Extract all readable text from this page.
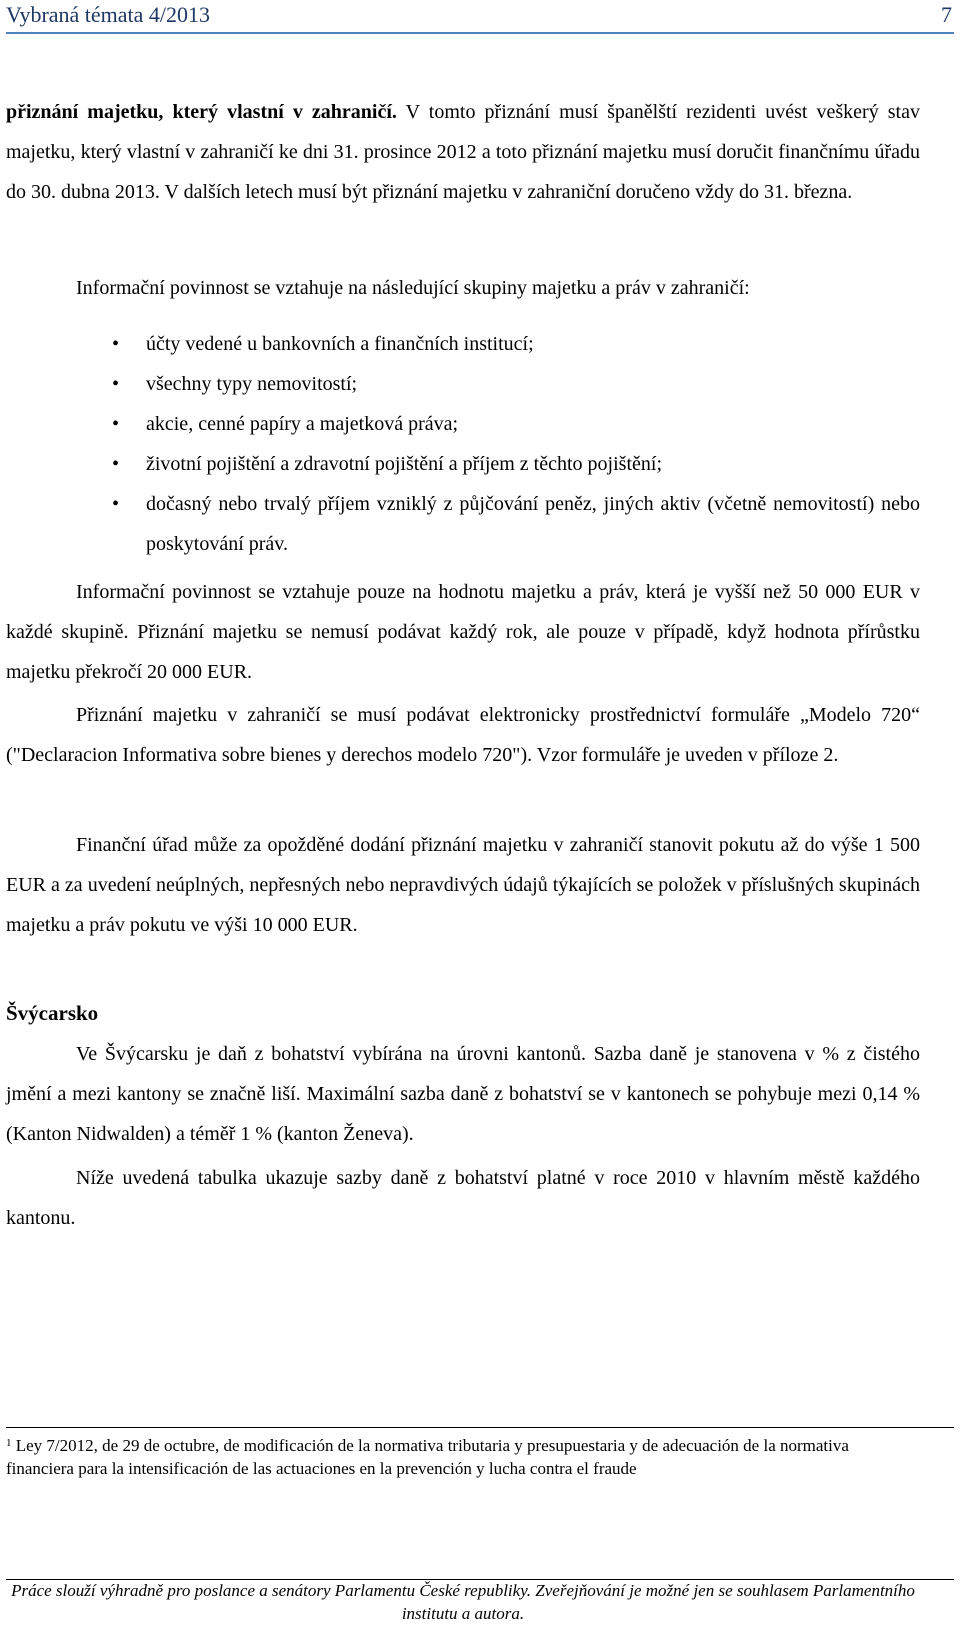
Vybraná témata 4/2013	7

přiznání majetku, který vlastní v zahraničí. V tomto přiznání musí španělští rezidenti uvést veškerý stav majetku, který vlastní v zahraničí ke dni 31. prosince 2012 a toto přiznání majetku musí doručit finančnímu úřadu do 30. dubna 2013. V dalších letech musí být přiznání majetku v zahraniční doručeno vždy do 31. března.

Informační povinnost se vztahuje na následující skupiny majetku a práv v zahraničí:

• účty vedené u bankovních a finančních institucí;
• všechny typy nemovitostí;
• akcie, cenné papíry a majetková práva;
• životní pojištění a zdravotní pojištění a příjem z těchto pojištění;
• dočasný nebo trvalý příjem vzniklý z půjčování peněz, jiných aktiv (včetně nemovitostí) nebo poskytování práv.

Informační povinnost se vztahuje pouze na hodnotu majetku a práv, která je vyšší než 50 000 EUR v každé skupině. Přiznání majetku se nemusí podávat každý rok, ale pouze v případě, když hodnota přírůstku majetku překročí 20 000 EUR.

Přiznání majetku v zahraničí se musí podávat elektronicky prostřednictví formuláře „Modelo 720“ ("Declaracion Informativa sobre bienes y derechos modelo 720"). Vzor formuláře je uveden v příloze 2.

Finanční úřad může za opožděné dodání přiznání majetku v zahraničí stanovit pokutu až do výše 1 500 EUR a za uvedení neúplných, nepřesných nebo nepravdivých údajů týkajících se položek v příslušných skupinách majetku a práv pokutu ve výši 10 000 EUR.

Švýcarsko

Ve Švýcarsku je daň z bohatství vybírána na úrovni kantonů. Sazba daně je stanovena v % z čistého jmění a mezi kantony se značně liší. Maximální sazba daně z bohatství se v kantonech se pohybuje mezi 0,14 % (Kanton Nidwalden) a téměř 1 % (kanton Ženeva).

Níže uvedená tabulka ukazuje sazby daně z bohatství platné v roce 2010 v hlavním městě každého kantonu.

$^1$ Ley 7/2012, de 29 de octubre, de modificación de la normativa tributaria y presupuestaria y de adecuación de la normativa financiera para la intensificación de las actuaciones en la prevención y lucha contra el fraude

Práce slouží výhradně pro poslance a senátory Parlamentu České republiky. Zveřejňování je možné jen se souhlasem Parlamentního institutu a autora.
